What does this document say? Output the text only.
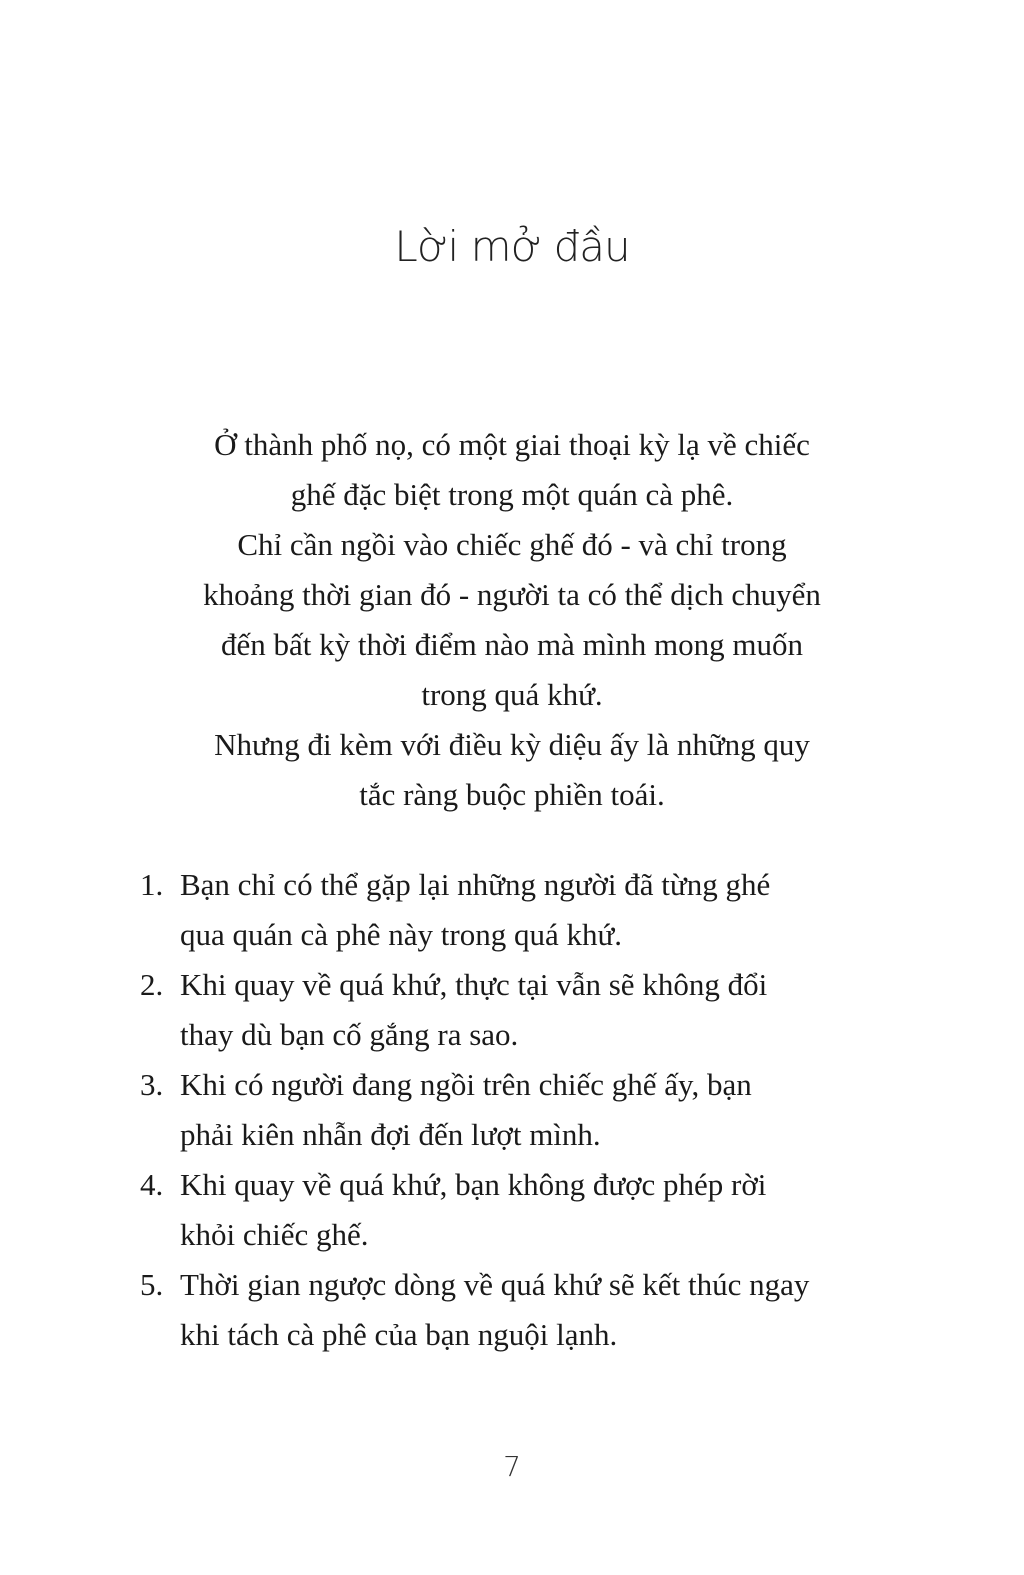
Lời mở đầu
Ở thành phố nọ, có một giai thoại kỳ lạ về chiếc
ghế đặc biệt trong một quán cà phê.
Chỉ cần ngồi vào chiếc ghế đó - và chỉ trong
khoảng thời gian đó - người ta có thể dịch chuyển
đến bất kỳ thời điểm nào mà mình mong muốn
trong quá khứ.
Nhưng đi kèm với điều kỳ diệu ấy là những quy
tắc ràng buộc phiền toái.
1. Bạn chỉ có thể gặp lại những người đã từng ghé
qua quán cà phê này trong quá khứ.
2. Khi quay về quá khứ, thực tại vẫn sẽ không đổi
thay dù bạn cố gắng ra sao.
3. Khi có người đang ngồi trên chiếc ghế ấy, bạn
phải kiên nhẫn đợi đến lượt mình.
4. Khi quay về quá khứ, bạn không được phép rời
khỏi chiếc ghế.
5. Thời gian ngược dòng về quá khứ sẽ kết thúc ngay
khi tách cà phê của bạn nguội lạnh.
7
